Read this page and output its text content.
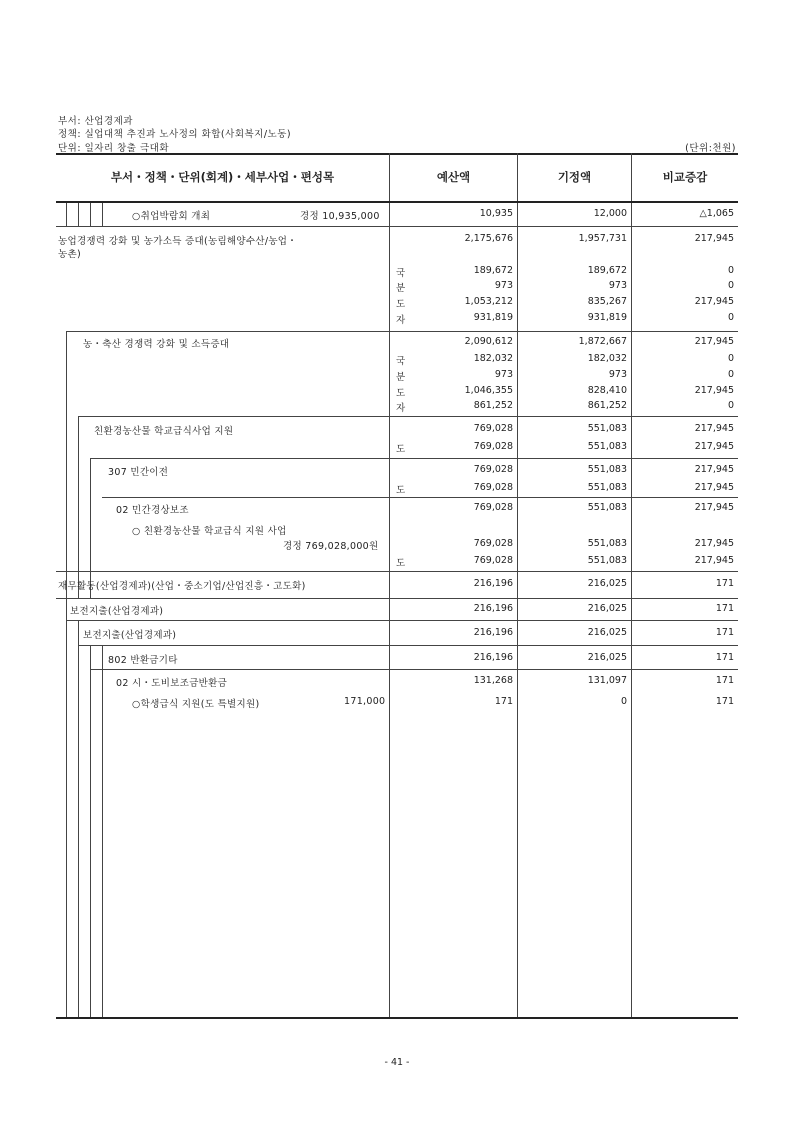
부서: 산업경제과
정책: 실업대책 추진과 노사정의 화합(사회복지/노동)
단위: 일자리 창출 극대화	(단위:천원)
부서・정책・단위(회계)・세부사업・편성목	예산액	기정액	비교증감
○취업박람회 개최	경정 10,935,000	10,935	12,000	△1,065
농업경쟁력 강화 및 농가소득 증대(농림해양수산/농업・
농촌)
2,175,676	1,957,731	217,945
국	189,672	189,672	0
분	973	973	0
도	1,053,212	835,267	217,945
자	931,819	931,819	0
농・축산 경쟁력 강화 및 소득증대	2,090,612	1,872,667	217,945
국	182,032	182,032	0
분	973	973	0
도	1,046,355	828,410	217,945
자	861,252	861,252	0
친환경농산물 학교급식사업 지원	769,028	551,083	217,945
도	769,028	551,083	217,945
307 민간이전	769,028	551,083	217,945
도	769,028	551,083	217,945
02 민간경상보조	769,028	551,083	217,945
○ 친환경농산물 학교급식 지원 사업
경정 769,028,000원	769,028	551,083	217,945
도	769,028	551,083	217,945
재무활동(산업경제과)(산업・중소기업/산업진흥・고도화)	216,196	216,025	171
보전지출(산업경제과)	216,196	216,025	171
보전지출(산업경제과)	216,196	216,025	171
802 반환금기타	216,196	216,025	171
02 시・도비보조금반환금	131,268	131,097	171
○학생급식 지원(도 특별지원)	171,000	171	0	171
- 41 -
